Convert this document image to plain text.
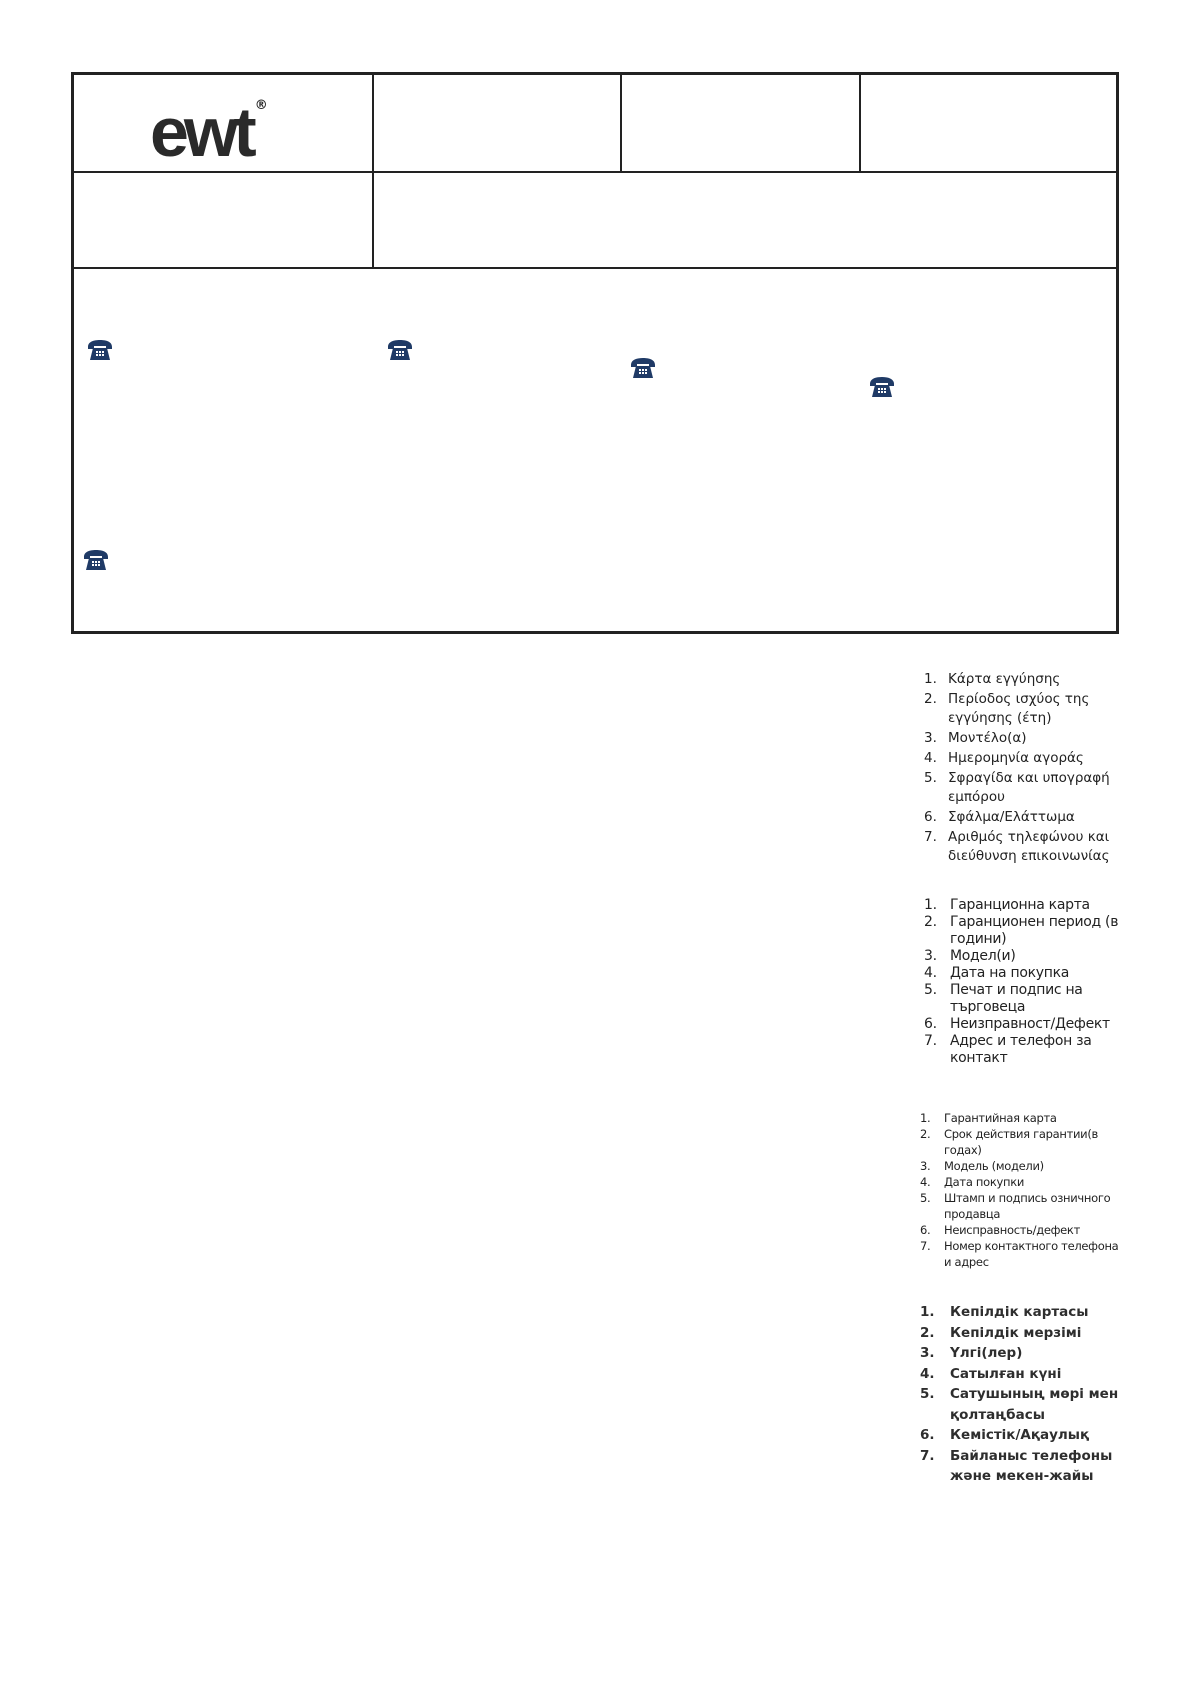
ewt ®
1. Κάρτα εγγύησης
2. Περίοδος ισχύος της εγγύησης (έτη)
3. Μοντέλο(α)
4. Ημερομηνία αγοράς
5. Σφραγίδα και υπογραφή εμπόρου
6. Σφάλμα/Ελάττωμα
7. Αριθμός τηλεφώνου και διεύθυνση επικοινωνίας
1. Гаранционна карта
2. Гаранционен период (в години)
3. Модел(и)
4. Дата на покупка
5. Печат и подпис на търговеца
6. Неизправност/Дефект
7. Адрес и телефон за контакт
1.	Гарантийная карта
2.	Срок действия гарантии(в годах)
3.	Модель (модели)
4.	Дата покупки
5.	Штамп и подпись озничного продавца
6.	Неисправность/дефект
7.	Номер контактного телефона и адрес
1.	Кепілдік картасы
2.	Кепілдік мерзімі
3.	Үлгі(лер)
4.	Сатылған күні
5.	Сатушының мөрі мен қолтаңбасы
6.	Кемістік/Ақаулық
7.	Байланыс телефоны және мекен-жайы
